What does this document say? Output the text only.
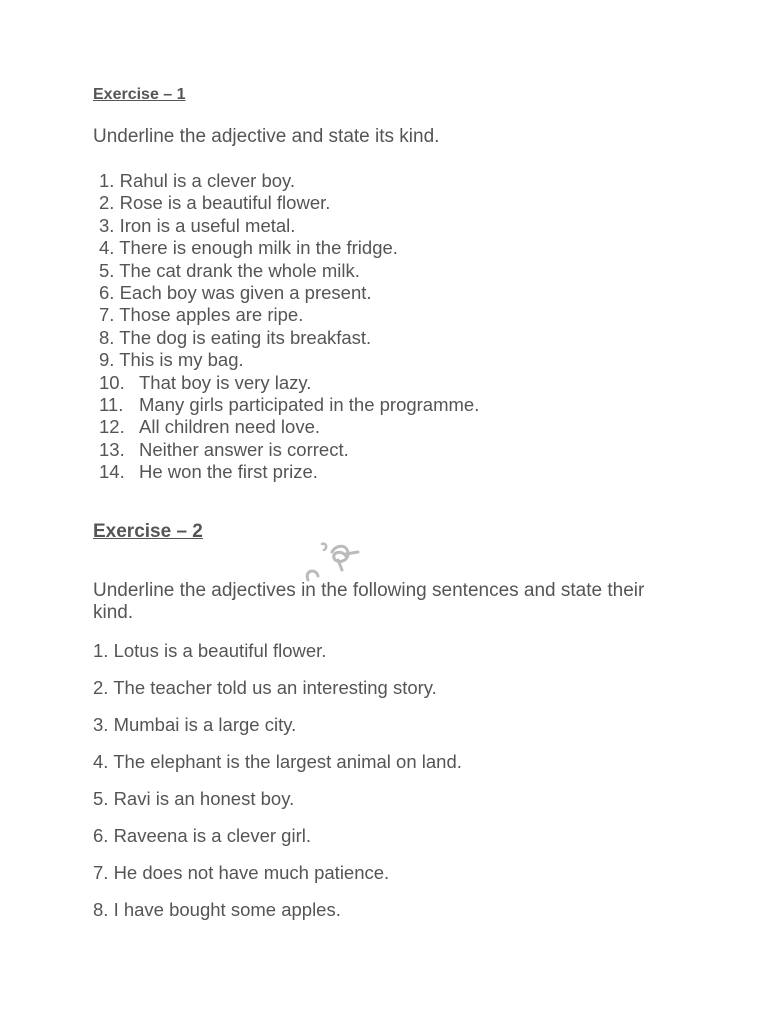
Exercise – 1
Underline the adjective and state its kind.
1. Rahul is a clever boy.
2. Rose is a beautiful flower.
3. Iron is a useful metal.
4. There is enough milk in the fridge.
5. The cat drank the whole milk.
6. Each boy was given a present.
7. Those apples are ripe.
8. The dog is eating its breakfast.
9. This is my bag.
10. That boy is very lazy.
11. Many girls participated in the programme.
12. All children need love.
13. Neither answer is correct.
14. He won the first prize.
Exercise – 2
Underline the adjectives in the following sentences and state their kind.
1. Lotus is a beautiful flower.
2. The teacher told us an interesting story.
3. Mumbai is a large city.
4. The elephant is the largest animal on land.
5. Ravi is an honest boy.
6. Raveena is a clever girl.
7. He does not have much patience.
8. I have bought some apples.
